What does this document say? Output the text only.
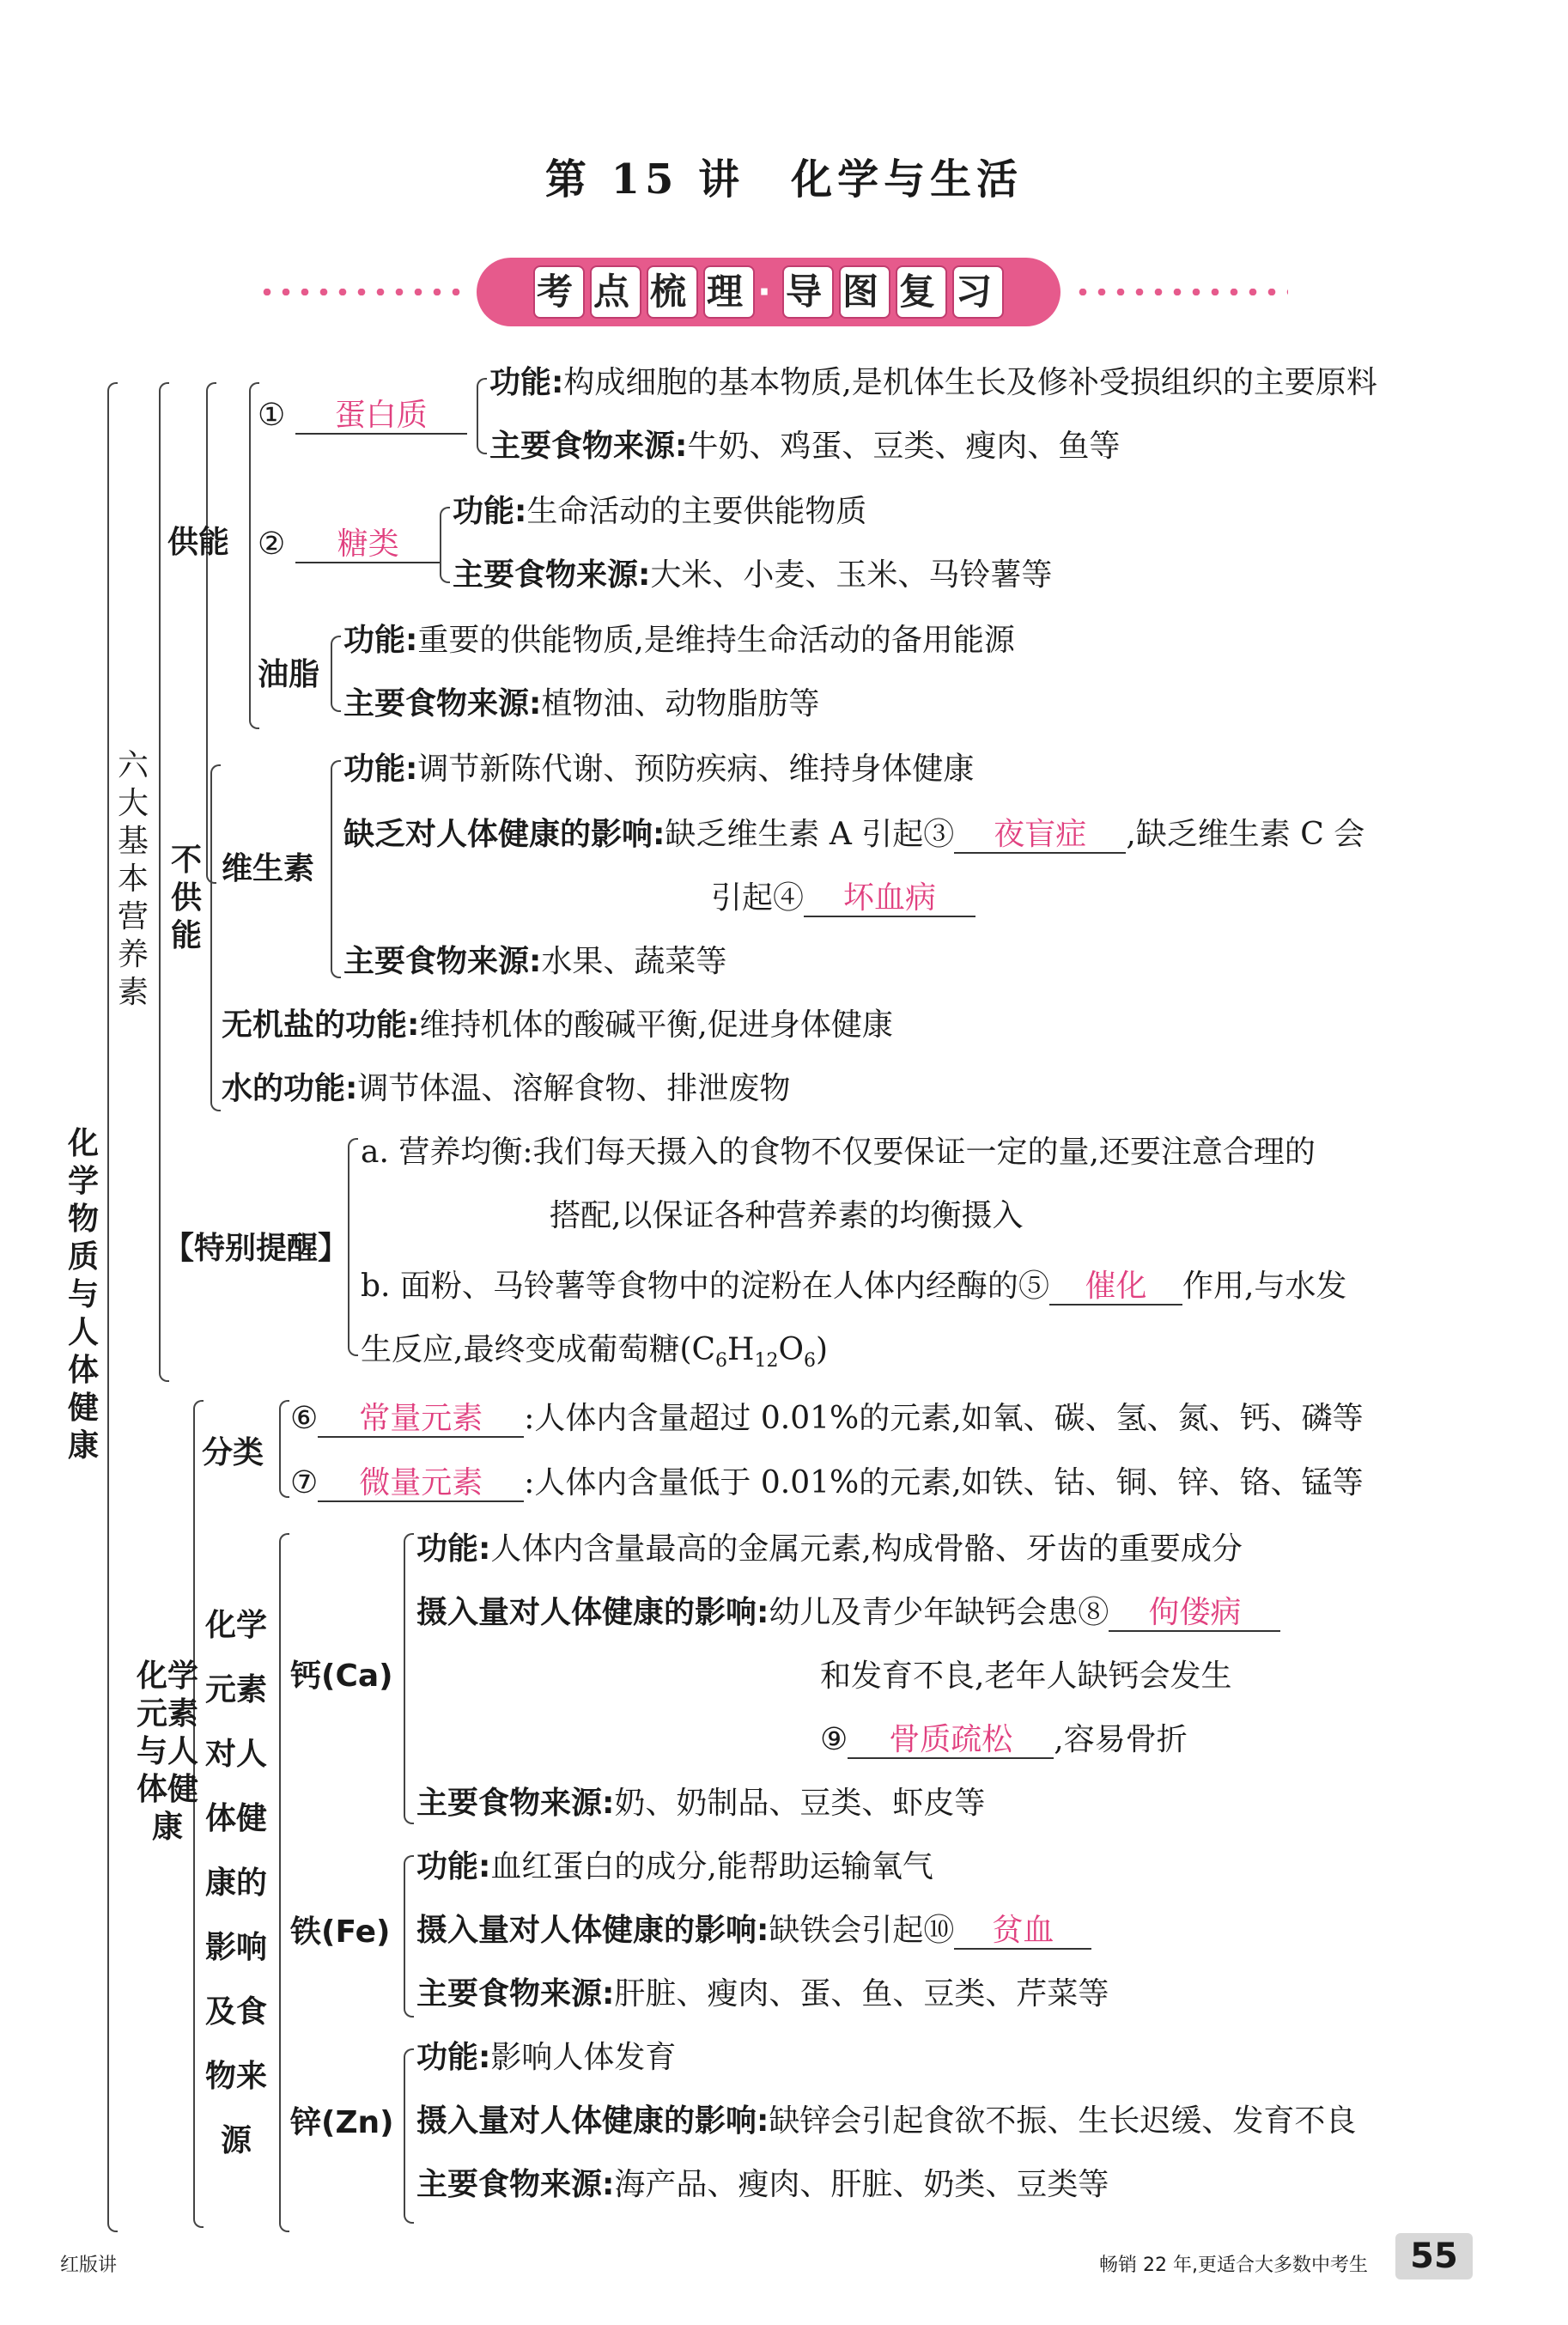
第 15 讲　化学与生活
考 点 梳 理 · 导 图 复 习
化学物质与人体健康
六大基本营养素
供能
① 蛋白质
功能:构成细胞的基本物质,是机体生长及修补受损组织的主要原料
主要食物来源:牛奶、鸡蛋、豆类、瘦肉、鱼等
② 糖类
功能:生命活动的主要供能物质
主要食物来源:大米、小麦、玉米、马铃薯等
油脂
功能:重要的供能物质,是维持生命活动的备用能源
主要食物来源:植物油、动物脂肪等
不供能
维生素
功能:调节新陈代谢、预防疾病、维持身体健康
缺乏对人体健康的影响:缺乏维生素 A 引起③ 夜盲症 ,缺乏维生素 C 会
引起④ 坏血病
主要食物来源:水果、蔬菜等
无机盐的功能:维持机体的酸碱平衡,促进身体健康
水的功能:调节体温、溶解食物、排泄废物
【特别提醒】
a. 营养均衡:我们每天摄入的食物不仅要保证一定的量,还要注意合理的
搭配,以保证各种营养素的均衡摄入
b. 面粉、马铃薯等食物中的淀粉在人体内经酶的⑤ 催化 作用,与水发
生反应,最终变成葡萄糖$(C_6H_{12}O_6)$
化学元素与人体健康
分类
⑥ 常量元素 :人体内含量超过 0.01%的元素,如氧、碳、氢、氮、钙、磷等
⑦ 微量元素 :人体内含量低于 0.01%的元素,如铁、钴、铜、锌、铬、锰等
化学元素对人体健康的影响及食物来源
钙(Ca)
功能:人体内含量最高的金属元素,构成骨骼、牙齿的重要成分
摄入量对人体健康的影响:幼儿及青少年缺钙会患⑧ 佝偻病
和发育不良,老年人缺钙会发生
⑨ 骨质疏松 ,容易骨折
主要食物来源:奶、奶制品、豆类、虾皮等
铁(Fe)
功能:血红蛋白的成分,能帮助运输氧气
摄入量对人体健康的影响:缺铁会引起⑩ 贫血
主要食物来源:肝脏、瘦肉、蛋、鱼、豆类、芹菜等
锌(Zn)
功能:影响人体发育
摄入量对人体健康的影响:缺锌会引起食欲不振、生长迟缓、发育不良
主要食物来源:海产品、瘦肉、肝脏、奶类、豆类等
红版讲	畅销 22 年,更适合大多数中考生	55
